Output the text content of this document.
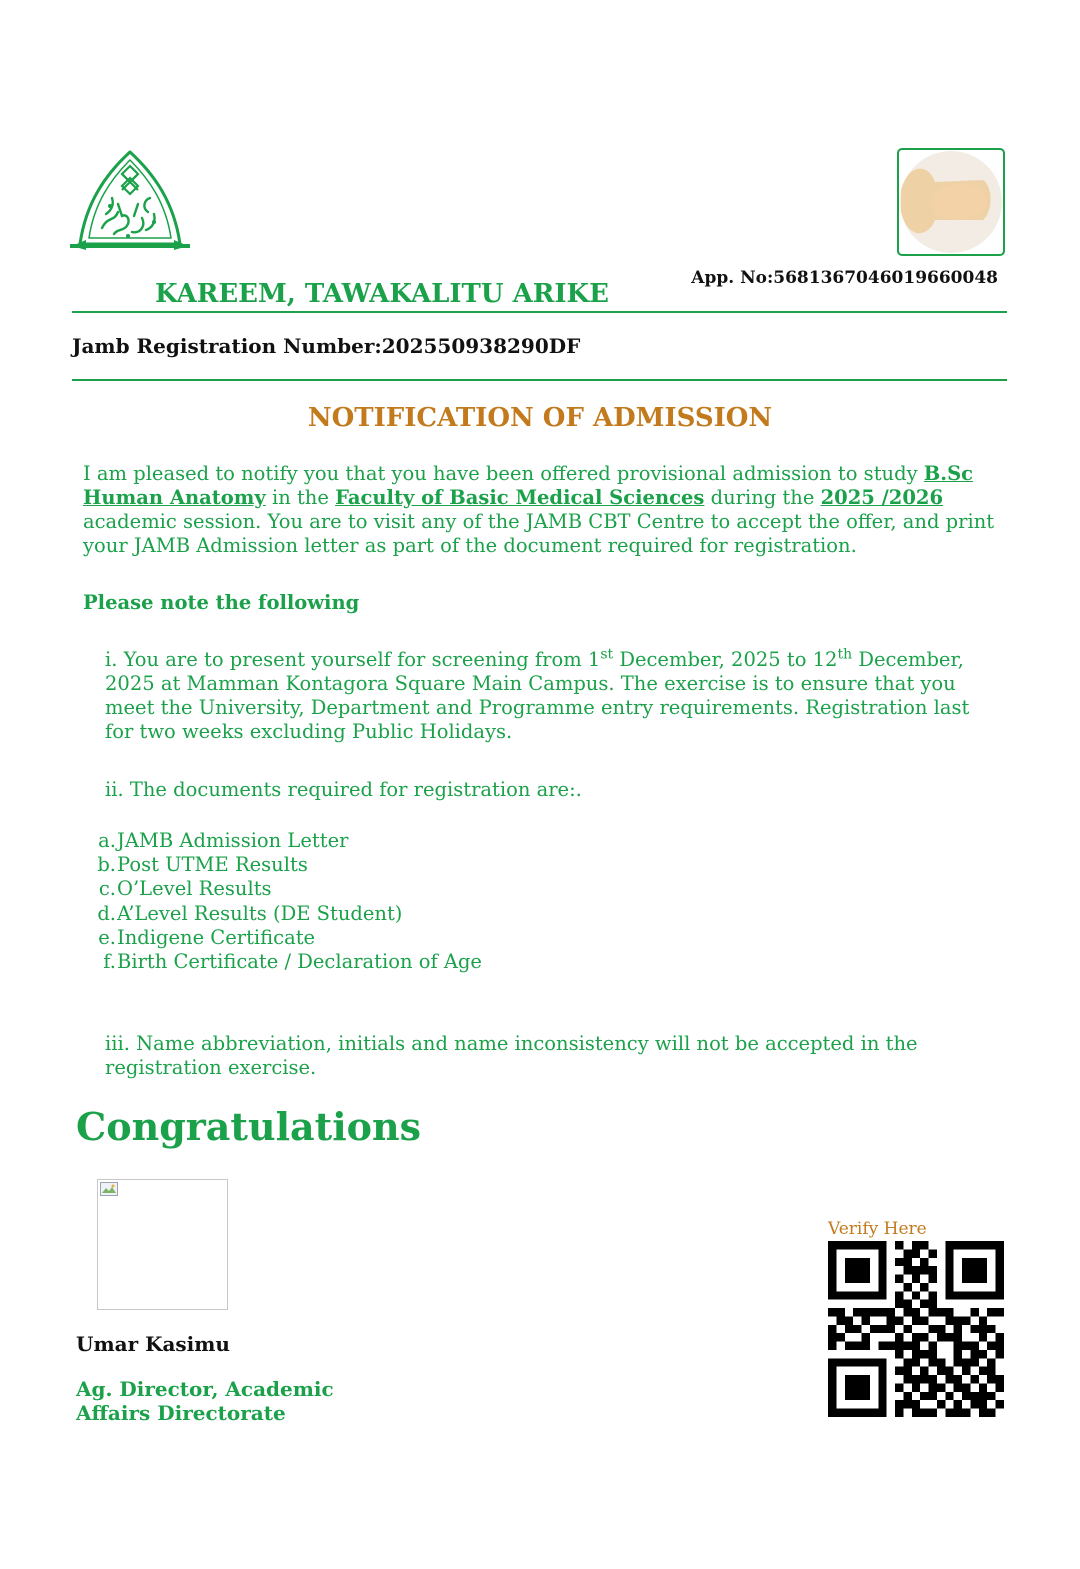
App. No:5681367046019660048
KAREEM, TAWAKALITU ARIKE
Jamb Registration Number:202550938290DF
NOTIFICATION OF ADMISSION
I am pleased to notify you that you have been offered provisional admission to study B.Sc Human Anatomy in the Faculty of Basic Medical Sciences during the 2025 /2026 academic session. You are to visit any of the JAMB CBT Centre to accept the offer, and print your JAMB Admission letter as part of the document required for registration.
Please note the following
i. You are to present yourself for screening from 1st December, 2025 to 12th December, 2025 at Mamman Kontagora Square Main Campus. The exercise is to ensure that you meet the University, Department and Programme entry requirements. Registration last for two weeks excluding Public Holidays.
ii. The documents required for registration are:.
a. JAMB Admission Letter
b. Post UTME Results
c. O’Level Results
d. A’Level Results (DE Student)
e. Indigene Certificate
f. Birth Certificate / Declaration of Age
iii. Name abbreviation, initials and name inconsistency will not be accepted in the registration exercise.
Congratulations
Umar Kasimu
Ag. Director, Academic Affairs Directorate
Verify Here
